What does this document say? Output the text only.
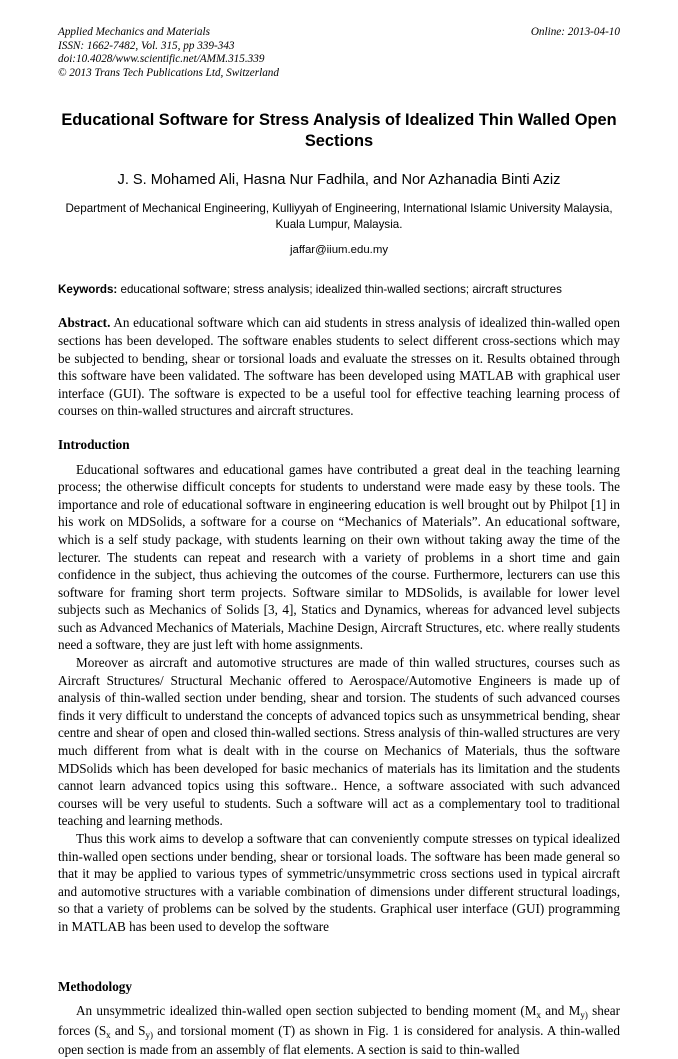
Applied Mechanics and Materials
ISSN: 1662-7482, Vol. 315, pp 339-343
doi:10.4028/www.scientific.net/AMM.315.339
© 2013 Trans Tech Publications Ltd, Switzerland
Online: 2013-04-10
Educational Software for Stress Analysis of Idealized Thin Walled Open Sections
J. S. Mohamed Ali, Hasna Nur Fadhila, and Nor Azhanadia Binti Aziz
Department of Mechanical Engineering, Kulliyyah of Engineering, International Islamic University Malaysia, Kuala Lumpur, Malaysia.
jaffar@iium.edu.my
Keywords: educational software; stress analysis; idealized thin-walled sections; aircraft structures
Abstract. An educational software which can aid students in stress analysis of idealized thin-walled open sections has been developed. The software enables students to select different cross-sections which may be subjected to bending, shear or torsional loads and evaluate the stresses on it. Results obtained through this software have been validated. The software has been developed using MATLAB with graphical user interface (GUI). The software is expected to be a useful tool for effective teaching learning process of courses on thin-walled structures and aircraft structures.
Introduction
Educational softwares and educational games have contributed a great deal in the teaching learning process; the otherwise difficult concepts for students to understand were made easy by these tools. The importance and role of educational software in engineering education is well brought out by Philpot [1] in his work on MDSolids, a software for a course on “Mechanics of Materials”. An educational software, which is a self study package, with students learning on their own without taking away the time of the lecturer. The students can repeat and research with a variety of problems in a short time and gain confidence in the subject, thus achieving the outcomes of the course. Furthermore, lecturers can use this software for framing short term projects. Software similar to MDSolids, is available for lower level subjects such as Mechanics of Solids [3, 4], Statics and Dynamics, whereas for advanced level subjects such as Advanced Mechanics of Materials, Machine Design, Aircraft Structures, etc. where really students need a software, they are just left with home assignments.
Moreover as aircraft and automotive structures are made of thin walled structures, courses such as Aircraft Structures/ Structural Mechanic offered to Aerospace/Automotive Engineers is made up of analysis of thin-walled section under bending, shear and torsion. The students of such advanced courses finds it very difficult to understand the concepts of advanced topics such as unsymmetrical bending, shear centre and shear of open and closed thin-walled sections. Stress analysis of thin-walled structures are very much different from what is dealt with in the course on Mechanics of Materials, thus the software MDSolids which has been developed for basic mechanics of materials has its limitation and the students cannot learn advanced topics using this software.. Hence, a software associated with such advanced courses will be very useful to students. Such a software will act as a complementary tool to traditional teaching and learning methods.
Thus this work aims to develop a software that can conveniently compute stresses on typical idealized thin-walled open sections under bending, shear or torsional loads. The software has been made general so that it may be applied to various types of symmetric/unsymmetric cross sections used in typical aircraft and automotive structures with a variable combination of dimensions under different structural loadings, so that a variety of problems can be solved by the students. Graphical user interface (GUI) programming in MATLAB has been used to develop the software
Methodology
An unsymmetric idealized thin-walled open section subjected to bending moment ($M_x$ and $M_{y)}$ shear forces ($S_x$ and $S_{y)}$ and torsional moment (T) as shown in Fig. 1 is considered for analysis. A thin-walled open section is made from an assembly of flat elements. A section is said to thin-walled
